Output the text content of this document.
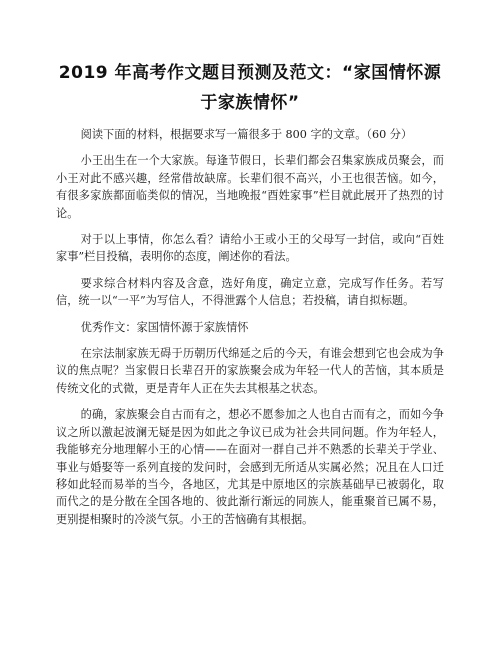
2019 年高考作文题目预测及范文：“家国情怀源于家族情怀”

阅读下面的材料，根据要求写一篇很多于 800 字的文章。（60 分）

小王出生在一个大家族。每逢节假日，长辈们都会召集家族成员聚会，而小王对此不感兴趣，经常借故缺席。长辈们很不高兴，小王也很苦恼。如今，有很多家族都面临类似的情况，当地晚报“酉姓家事”栏目就此展开了热烈的讨论。

对于以上事情，你怎么看？请给小王或小王的父母写一封信，或向“百姓家事”栏目投稿，表明你的态度，阐述你的看法。

要求综合材料内容及含意，选好角度，确定立意，完成写作任务。若写信，统一以“一平”为写信人，不得泄露个人信息；若投稿，请自拟标题。

优秀作文：家国情怀源于家族情怀

在宗法制家族无碍于历朝历代绵延之后的今天，有谁会想到它也会成为争议的焦点呢？当家假日长辈召开的家族聚会成为年轻一代人的苦恼，其本质是传统文化的式微，更是青年人正在失去其根基之状态。

的确，家族聚会自古而有之，想必不愿参加之人也自古而有之，而如今争议之所以激起波澜无疑是因为如此之争议已成为社会共同问题。作为年轻人，我能够充分地理解小王的心情——在面对一群自己并不熟悉的长辈关于学业、事业与婚娶等一系列直接的发问时，会感到无所适从实属必然；况且在人口迁移如此轻而易举的当今，各地区，尤其是中原地区的宗族基础早已被弱化，取而代之的是分散在全国各地的、彼此渐行渐远的同族人，能重聚首已属不易，更别提相聚时的冷淡气氛。小王的苦恼确有其根据。
